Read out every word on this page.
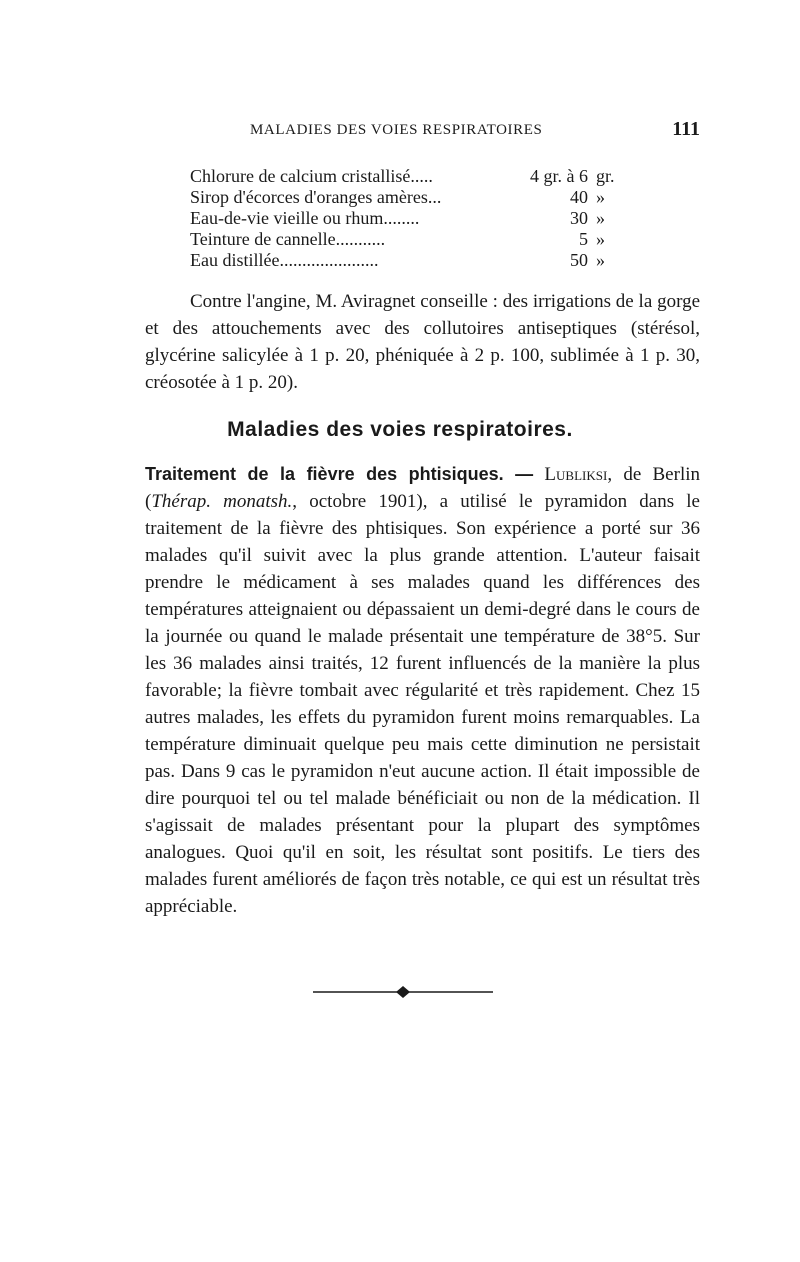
MALADIES DES VOIES RESPIRATOIRES	111
Chlorure de calcium cristallisé.....	4 gr. à 6 gr.
Sirop d'écorces d'oranges amères...	40 »
Eau-de-vie vieille ou rhum........	30 »
Teinture de cannelle...........	5 »
Eau distillée......................	50 »

Contre l'angine, M. Aviragnet conseille : des irrigations de la gorge et des attouchements avec des collutoires antiseptiques (stérésol, glycérine salicylée à 1 p. 20, phéniquée à 2 p. 100, sublimée à 1 p. 30, créosotée à 1 p. 20).

Maladies des voies respiratoires.

Traitement de la fièvre des phtisiques. — Lubliksi, de Berlin (Thérap. monatsh., octobre 1901), a utilisé le pyramidon dans le traitement de la fièvre des phtisiques. Son expérience a porté sur 36 malades qu'il suivit avec la plus grande attention. L'auteur faisait prendre le médicament à ses malades quand les différences des températures atteignaient ou dépassaient un demi-degré dans le cours de la journée ou quand le malade présentait une température de 38°5. Sur les 36 malades ainsi traités, 12 furent influencés de la manière la plus favorable; la fièvre tombait avec régularité et très rapidement. Chez 15 autres malades, les effets du pyramidon furent moins remarquables. La température diminuait quelque peu mais cette diminution ne persistait pas. Dans 9 cas le pyramidon n'eut aucune action. Il était impossible de dire pourquoi tel ou tel malade bénéficiait ou non de la médication. Il s'agissait de malades présentant pour la plupart des symptômes analogues. Quoi qu'il en soit, les résultat sont positifs. Le tiers des malades furent améliorés de façon très notable, ce qui est un résultat très appréciable.
